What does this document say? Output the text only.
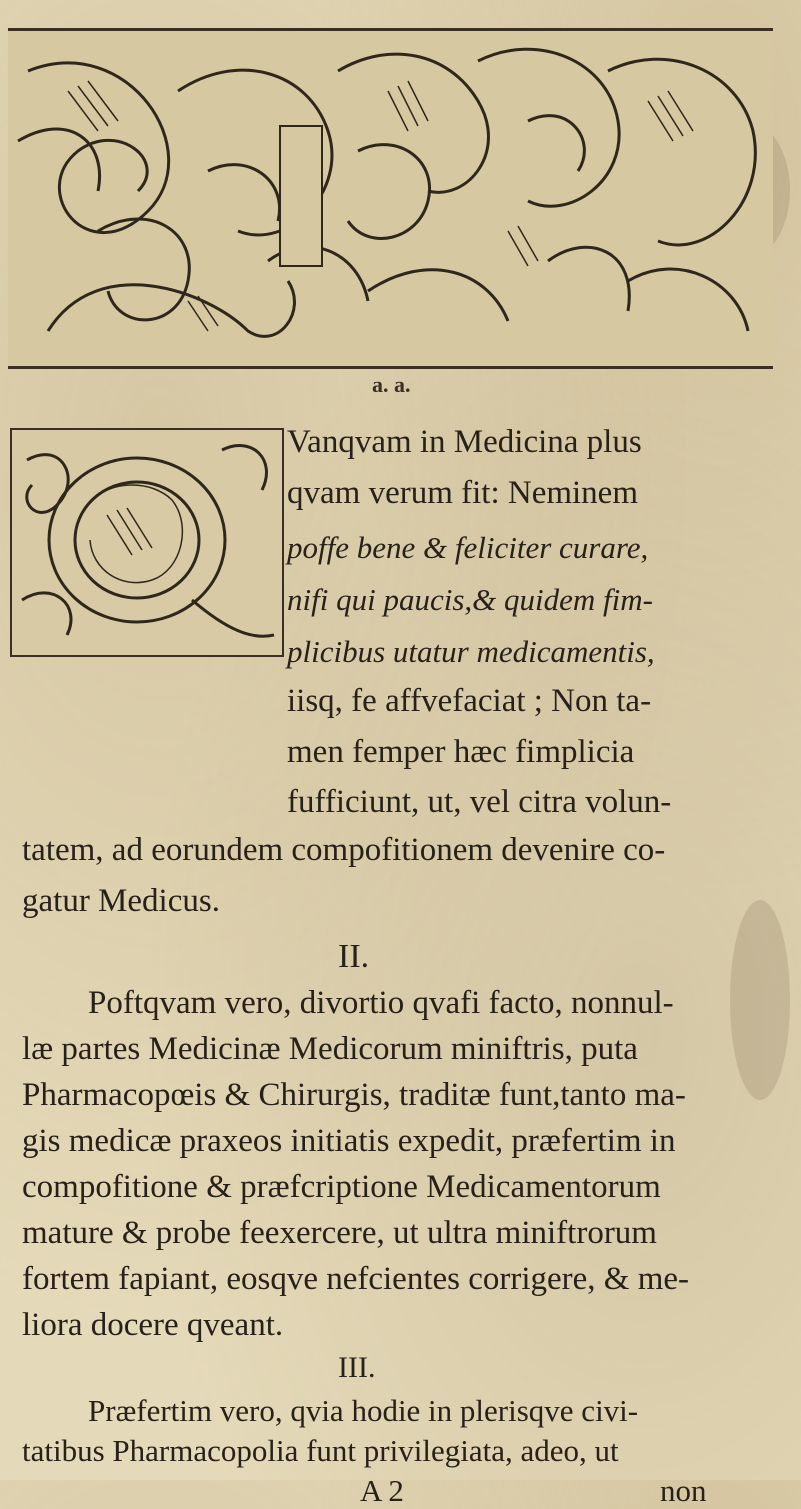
a. a.
Vanqvam in Medicina plus
qvam verum fit: Neminem
poffe bene & feliciter curare,
nifi qui paucis,& quidem fim-
plicibus utatur medicamentis,
iisq, fe affvefaciat ; Non ta-
men femper hæc fimplicia
fufficiunt, ut, vel citra volun-
tatem, ad eorundem compofitionem devenire co-
gatur Medicus.
II.
Poftqvam vero, divortio qvafi facto, nonnul-
læ partes Medicinæ Medicorum miniftris, puta
Pharmacopœis & Chirurgis, traditæ funt,tanto ma-
gis medicæ praxeos initiatis expedit, præfertim in
compofitione & præfcriptione Medicamentorum
mature & probe feexercere, ut ultra miniftrorum
fortem fapiant, eosqve nefcientes corrigere, & me-
liora docere qveant.
III.
Præfertim vero, qvia hodie in plerisqve civi-
tatibus Pharmacopolia funt privilegiata, adeo, ut
A 2	non
